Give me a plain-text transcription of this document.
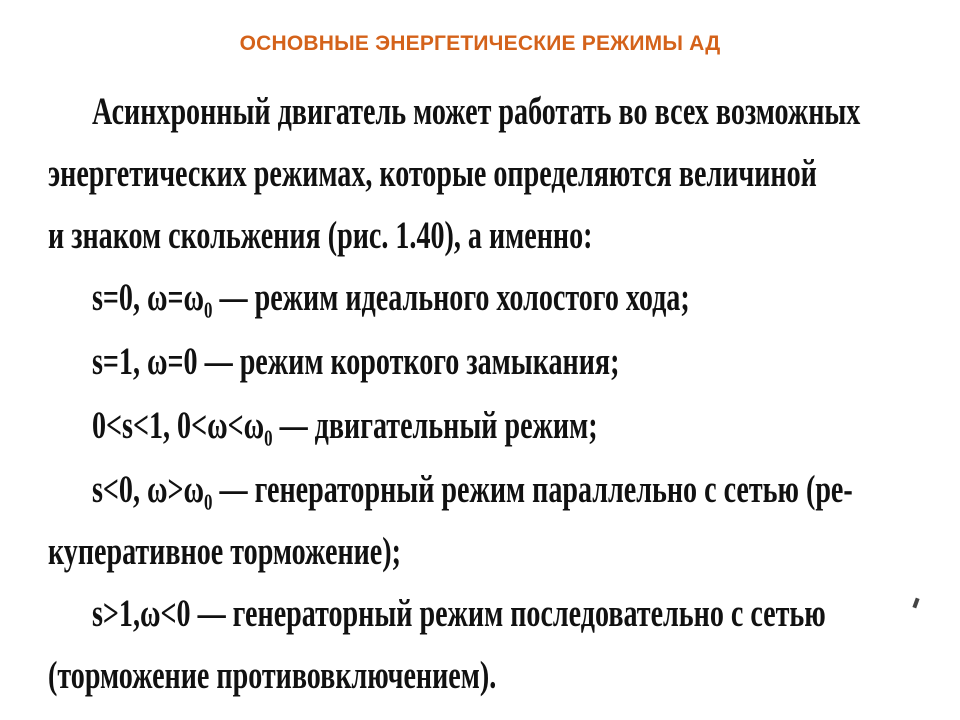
ОСНОВНЫЕ ЭНЕРГЕТИЧЕСКИЕ РЕЖИМЫ АД
Асинхронный двигатель может работать во всех возможных
энергетических режимах, которые определяются величиной
и знаком скольжения (рис. 1.40), а именно:
s=0, ω=ω₀ — режим идеального холостого хода;
s=1, ω=0 — режим короткого замыкания;
0<s<1, 0<ω<ω₀ — двигательный режим;
s<0, ω>ω₀ — генераторный режим параллельно с сетью (ре-
куперативное торможение);
s>1,ω<0 — генераторный режим последовательно с сетью
(торможение противовключением).
